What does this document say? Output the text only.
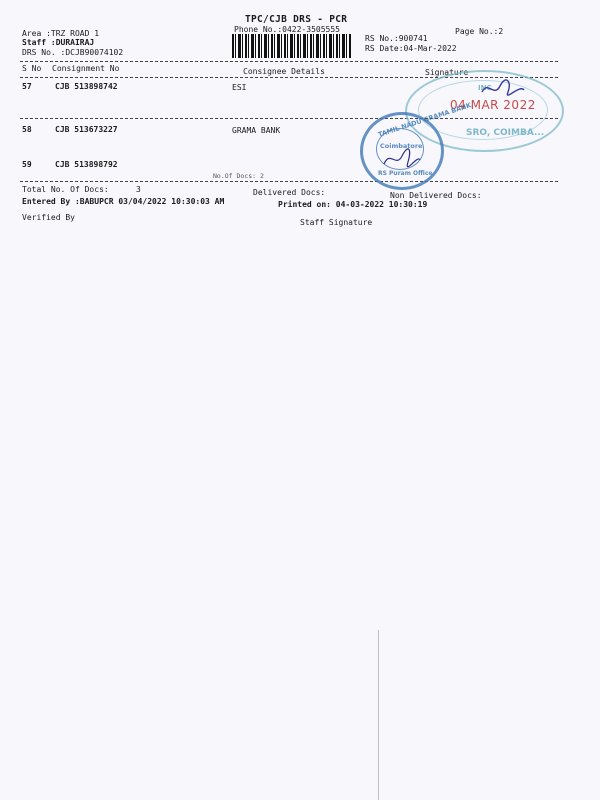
TPC/CJB DRS - PCR
Phone No.:0422-3505555
Area :TRZ ROAD 1
Staff :DURAIRAJ
DRS No. :DCJB90074102
RS No.:900741
RS Date:04-Mar-2022
Page No.:2
S No Consignment No	Consignee Details	Signature
57	CJB 513898742	ESI
58	CJB 513673227	GRAMA BANK
59	CJB 513898792
No.Of Docs: 2
Total No. Of Docs:	3	Delivered Docs:	Non Delivered Docs:
Entered By :BABUPCR 03/04/2022 10:30:03 AM	Printed on: 04-03-2022 10:30:19
Verified By
Staff Signature
INC
04 MAR 2022
SRO, COIMBA...
TAMIL NADU GRAMA BANK
Coimbatore
RS Puram Office
